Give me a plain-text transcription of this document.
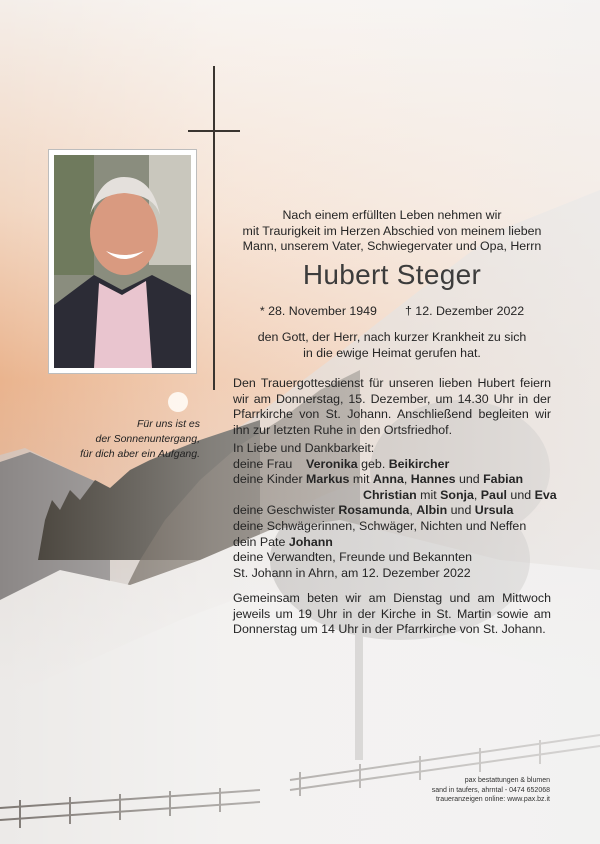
Für uns ist es
der Sonnenuntergang,
für dich aber ein Aufgang.
Nach einem erfüllten Leben nehmen wir
mit Traurigkeit im Herzen Abschied von meinem lieben
Mann, unserem Vater, Schwiegervater und Opa, Herrn
Hubert Steger
* 28. November 1949 † 12. Dezember 2022
den Gott, der Herr, nach kurzer Krankheit zu sich
in die ewige Heimat gerufen hat.
Den Trauergottesdienst für unseren lieben Hubert feiern wir am Donnerstag, 15. Dezember, um 14.30 Uhr in der Pfarrkirche von St. Johann. Anschließend begleiten wir ihn zur letzten Ruhe in den Ortsfriedhof.
In Liebe und Dankbarkeit:
deine Frau Veronika geb. Beikircher
deine Kinder Markus mit Anna, Hannes und Fabian
Christian mit Sonja, Paul und Eva
deine Geschwister Rosamunda, Albin und Ursula
deine Schwägerinnen, Schwäger, Nichten und Neffen
dein Pate Johann
deine Verwandten, Freunde und Bekannten
St. Johann in Ahrn, am 12. Dezember 2022
Gemeinsam beten wir am Dienstag und am Mittwoch jeweils um 19 Uhr in der Kirche in St. Martin sowie am Donnerstag um 14 Uhr in der Pfarrkirche von St. Johann.
pax bestattungen & blumen
sand in taufers, ahrntal - 0474 652068
traueranzeigen online: www.pax.bz.it
